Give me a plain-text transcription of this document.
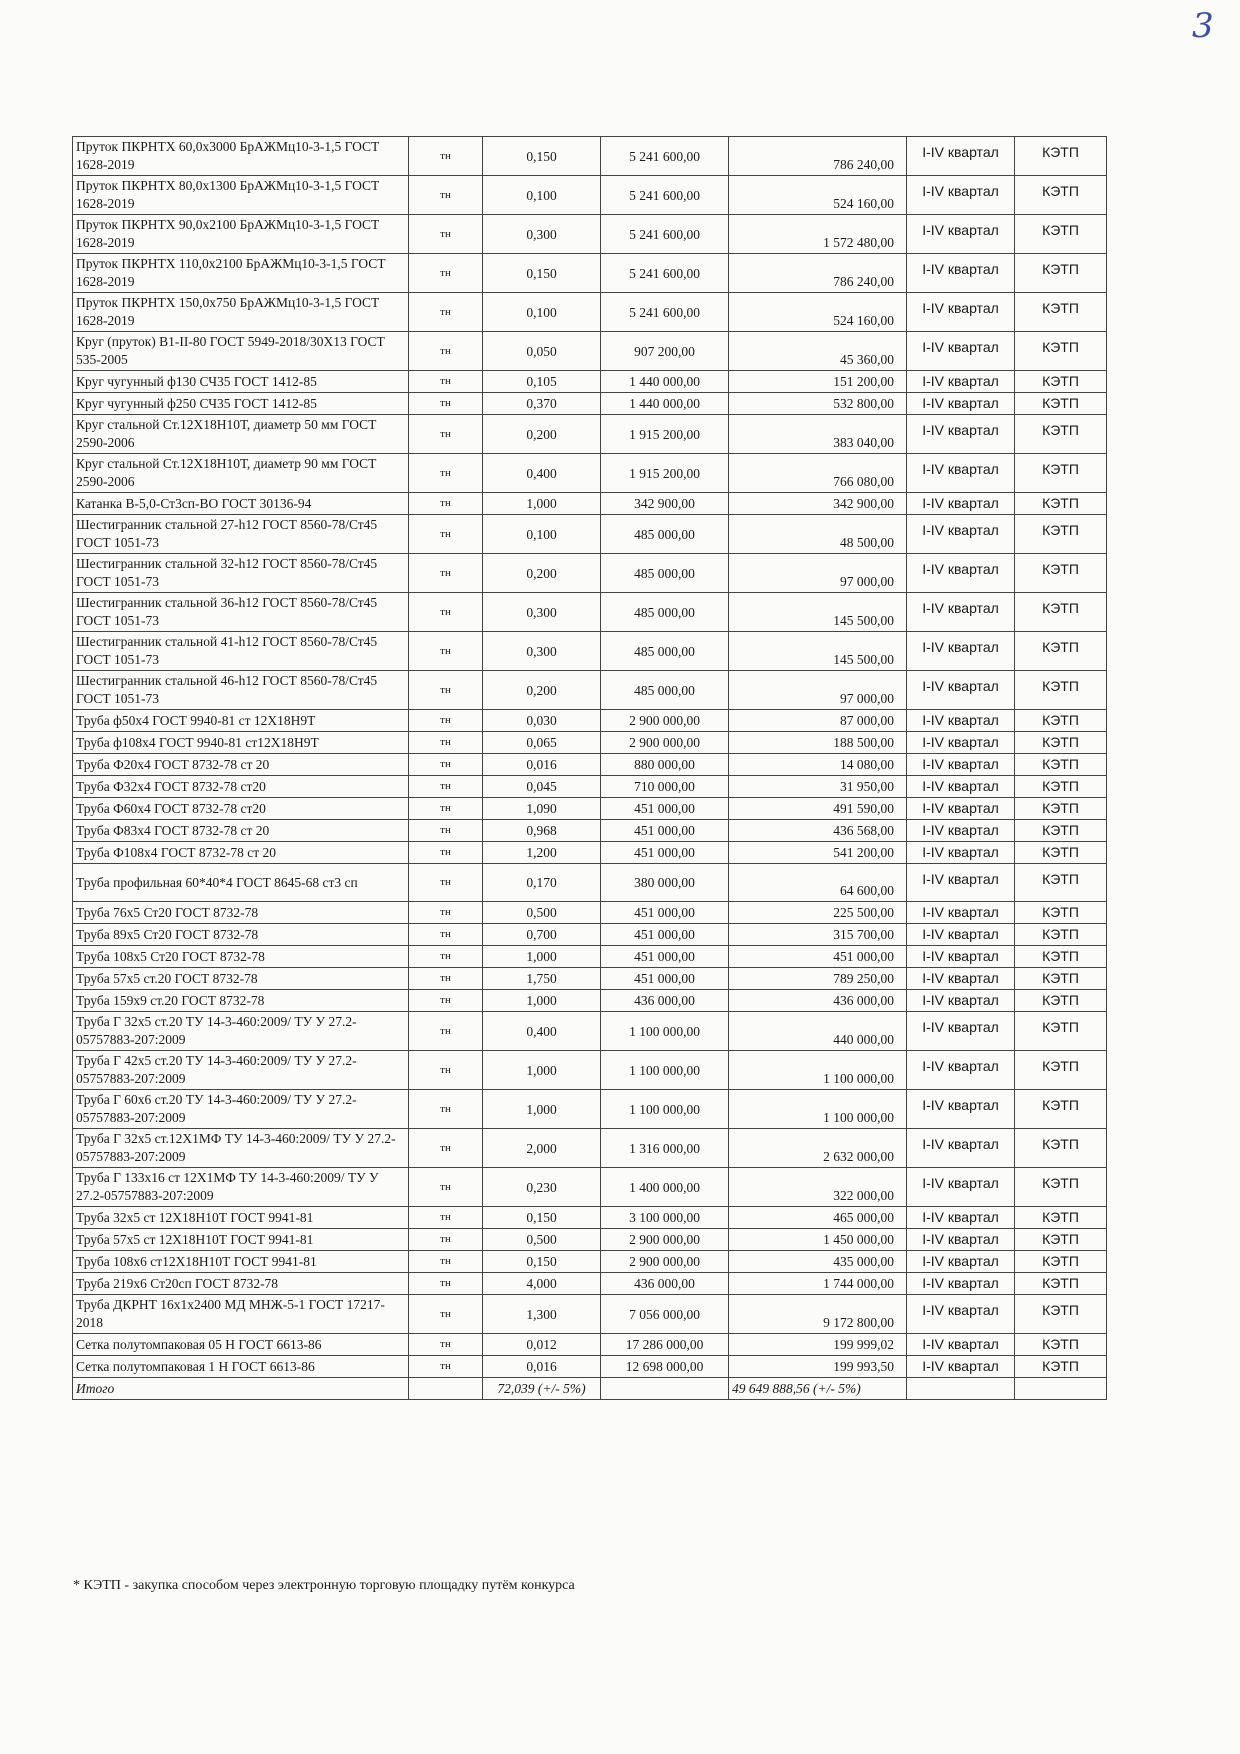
3
Пруток ПКРНТХ 60,0х3000 БрАЖМц10-3-1,5 ГОСТ 1628-2019	тн	0,150	5 241 600,00	786 240,00	I-IV квартал	КЭТП
Пруток ПКРНТХ 80,0х1300 БрАЖМц10-3-1,5 ГОСТ 1628-2019	тн	0,100	5 241 600,00	524 160,00	I-IV квартал	КЭТП
Пруток ПКРНТХ 90,0х2100 БрАЖМц10-3-1,5 ГОСТ 1628-2019	тн	0,300	5 241 600,00	1 572 480,00	I-IV квартал	КЭТП
Пруток ПКРНТХ 110,0х2100 БрАЖМц10-3-1,5 ГОСТ 1628-2019	тн	0,150	5 241 600,00	786 240,00	I-IV квартал	КЭТП
Пруток ПКРНТХ 150,0х750 БрАЖМц10-3-1,5 ГОСТ 1628-2019	тн	0,100	5 241 600,00	524 160,00	I-IV квартал	КЭТП
Круг (пруток) В1-II-80 ГОСТ 5949-2018/30Х13 ГОСТ 535-2005	тн	0,050	907 200,00	45 360,00	I-IV квартал	КЭТП
Круг чугунный ф130 СЧ35 ГОСТ 1412-85	тн	0,105	1 440 000,00	151 200,00	I-IV квартал	КЭТП
Круг чугунный ф250 СЧ35 ГОСТ 1412-85	тн	0,370	1 440 000,00	532 800,00	I-IV квартал	КЭТП
Круг стальной Ст.12Х18Н10Т, диаметр 50 мм ГОСТ 2590-2006	тн	0,200	1 915 200,00	383 040,00	I-IV квартал	КЭТП
Круг стальной Ст.12Х18Н10Т, диаметр 90 мм ГОСТ 2590-2006	тн	0,400	1 915 200,00	766 080,00	I-IV квартал	КЭТП
Катанка В-5,0-Ст3сп-ВО ГОСТ 30136-94	тн	1,000	342 900,00	342 900,00	I-IV квартал	КЭТП
Шестигранник стальной 27-h12 ГОСТ 8560-78/Ст45 ГОСТ 1051-73	тн	0,100	485 000,00	48 500,00	I-IV квартал	КЭТП
Шестигранник стальной 32-h12 ГОСТ 8560-78/Ст45 ГОСТ 1051-73	тн	0,200	485 000,00	97 000,00	I-IV квартал	КЭТП
Шестигранник стальной 36-h12 ГОСТ 8560-78/Ст45 ГОСТ 1051-73	тн	0,300	485 000,00	145 500,00	I-IV квартал	КЭТП
Шестигранник стальной 41-h12 ГОСТ 8560-78/Ст45 ГОСТ 1051-73	тн	0,300	485 000,00	145 500,00	I-IV квартал	КЭТП
Шестигранник стальной 46-h12 ГОСТ 8560-78/Ст45 ГОСТ 1051-73	тн	0,200	485 000,00	97 000,00	I-IV квартал	КЭТП
Труба ф50х4 ГОСТ 9940-81 ст 12Х18Н9Т	тн	0,030	2 900 000,00	87 000,00	I-IV квартал	КЭТП
Труба ф108х4 ГОСТ 9940-81 ст12Х18Н9Т	тн	0,065	2 900 000,00	188 500,00	I-IV квартал	КЭТП
Труба Ф20х4 ГОСТ 8732-78 ст 20	тн	0,016	880 000,00	14 080,00	I-IV квартал	КЭТП
Труба Ф32х4 ГОСТ 8732-78 ст20	тн	0,045	710 000,00	31 950,00	I-IV квартал	КЭТП
Труба Ф60х4 ГОСТ 8732-78 ст20	тн	1,090	451 000,00	491 590,00	I-IV квартал	КЭТП
Труба Ф83х4 ГОСТ 8732-78 ст 20	тн	0,968	451 000,00	436 568,00	I-IV квартал	КЭТП
Труба Ф108х4 ГОСТ 8732-78 ст 20	тн	1,200	451 000,00	541 200,00	I-IV квартал	КЭТП
Труба профильная 60*40*4 ГОСТ 8645-68 ст3 сп	тн	0,170	380 000,00	64 600,00	I-IV квартал	КЭТП
Труба 76х5 Ст20 ГОСТ 8732-78	тн	0,500	451 000,00	225 500,00	I-IV квартал	КЭТП
Труба 89х5 Ст20 ГОСТ 8732-78	тн	0,700	451 000,00	315 700,00	I-IV квартал	КЭТП
Труба 108х5 Ст20 ГОСТ 8732-78	тн	1,000	451 000,00	451 000,00	I-IV квартал	КЭТП
Труба 57х5 ст.20 ГОСТ 8732-78	тн	1,750	451 000,00	789 250,00	I-IV квартал	КЭТП
Труба 159х9 ст.20 ГОСТ 8732-78	тн	1,000	436 000,00	436 000,00	I-IV квартал	КЭТП
Труба Г 32х5 ст.20 ТУ 14-3-460:2009/ ТУ У 27.2-05757883-207:2009	тн	0,400	1 100 000,00	440 000,00	I-IV квартал	КЭТП
Труба Г 42х5 ст.20 ТУ 14-3-460:2009/ ТУ У 27.2-05757883-207:2009	тн	1,000	1 100 000,00	1 100 000,00	I-IV квартал	КЭТП
Труба Г 60х6 ст.20 ТУ 14-3-460:2009/ ТУ У 27.2-05757883-207:2009	тн	1,000	1 100 000,00	1 100 000,00	I-IV квартал	КЭТП
Труба Г 32х5 ст.12Х1МФ ТУ 14-3-460:2009/ ТУ У 27.2-05757883-207:2009	тн	2,000	1 316 000,00	2 632 000,00	I-IV квартал	КЭТП
Труба Г 133х16 ст 12Х1МФ ТУ 14-3-460:2009/ ТУ У 27.2-05757883-207:2009	тн	0,230	1 400 000,00	322 000,00	I-IV квартал	КЭТП
Труба 32х5 ст 12Х18Н10Т ГОСТ 9941-81	тн	0,150	3 100 000,00	465 000,00	I-IV квартал	КЭТП
Труба 57х5 ст 12Х18Н10Т ГОСТ 9941-81	тн	0,500	2 900 000,00	1 450 000,00	I-IV квартал	КЭТП
Труба 108х6 ст12Х18Н10Т ГОСТ 9941-81	тн	0,150	2 900 000,00	435 000,00	I-IV квартал	КЭТП
Труба 219х6 Ст20сп ГОСТ 8732-78	тн	4,000	436 000,00	1 744 000,00	I-IV квартал	КЭТП
Труба ДКРНТ 16х1х2400 МД МНЖ-5-1 ГОСТ 17217-2018	тн	1,300	7 056 000,00	9 172 800,00	I-IV квартал	КЭТП
Сетка полутомпаковая 05 Н ГОСТ 6613-86	тн	0,012	17 286 000,00	199 999,02	I-IV квартал	КЭТП
Сетка полутомпаковая 1 Н ГОСТ 6613-86	тн	0,016	12 698 000,00	199 993,50	I-IV квартал	КЭТП
Итого		72,039 (+/- 5%)		49 649 888,56 (+/- 5%)		
* КЭТП - закупка способом через электронную торговую площадку путём конкурса
